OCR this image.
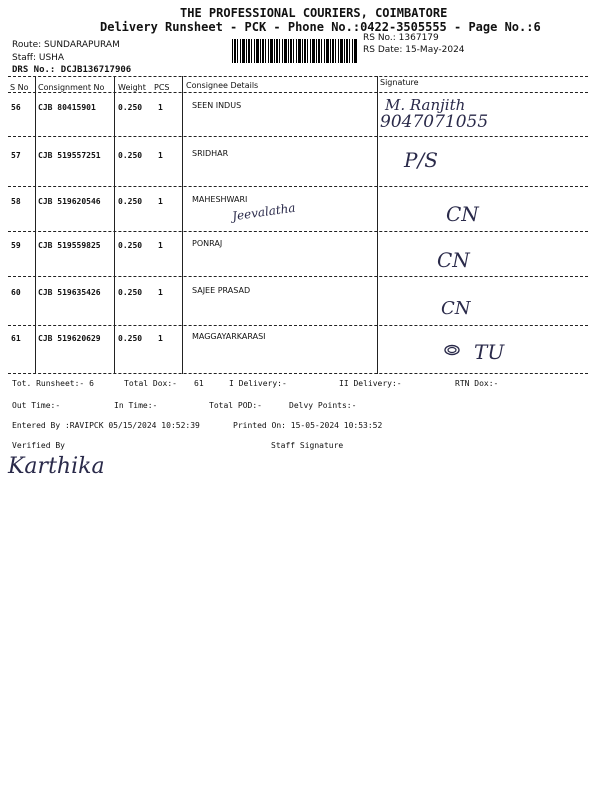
THE PROFESSIONAL COURIERS, COIMBATORE
Delivery Runsheet - PCK - Phone No.:0422-3505555 - Page No.:6
Route: SUNDARAPURAM
Staff: USHA
DRS No.: DCJB136717906
RS No.: 1367179
RS Date: 15-May-2024
S No Consignment No Weight PCS Consignee Details	Signature
56 CJB 80415901	0.250 1	SEEN INDUS	M. Ranjith
9047071055
57 CJB 519557251 0.250 1	SRIDHAR	P/S
58 CJB 519620546 0.250 1	MAHESHWARI
Jeevalatha	CN
59 CJB 519559825 0.250 1	PONRAJ
CN
60 CJB 519635426 0.250 1	SAJEE PRASAD
CN
61 CJB 519620629 0.250 1	MAGGAYARKARASI
TU
Tot. Runsheet:- 6	Total Dox:- 61	I Delivery:-	II Delivery:-	RTN Dox:-
Out Time:-	In Time:-	Total POD:-	Delvy Points:-
Entered By :RAVIPCK 05/15/2024 10:52:39	Printed On: 15-05-2024 10:53:52
Verified By	Staff Signature
Karthika
